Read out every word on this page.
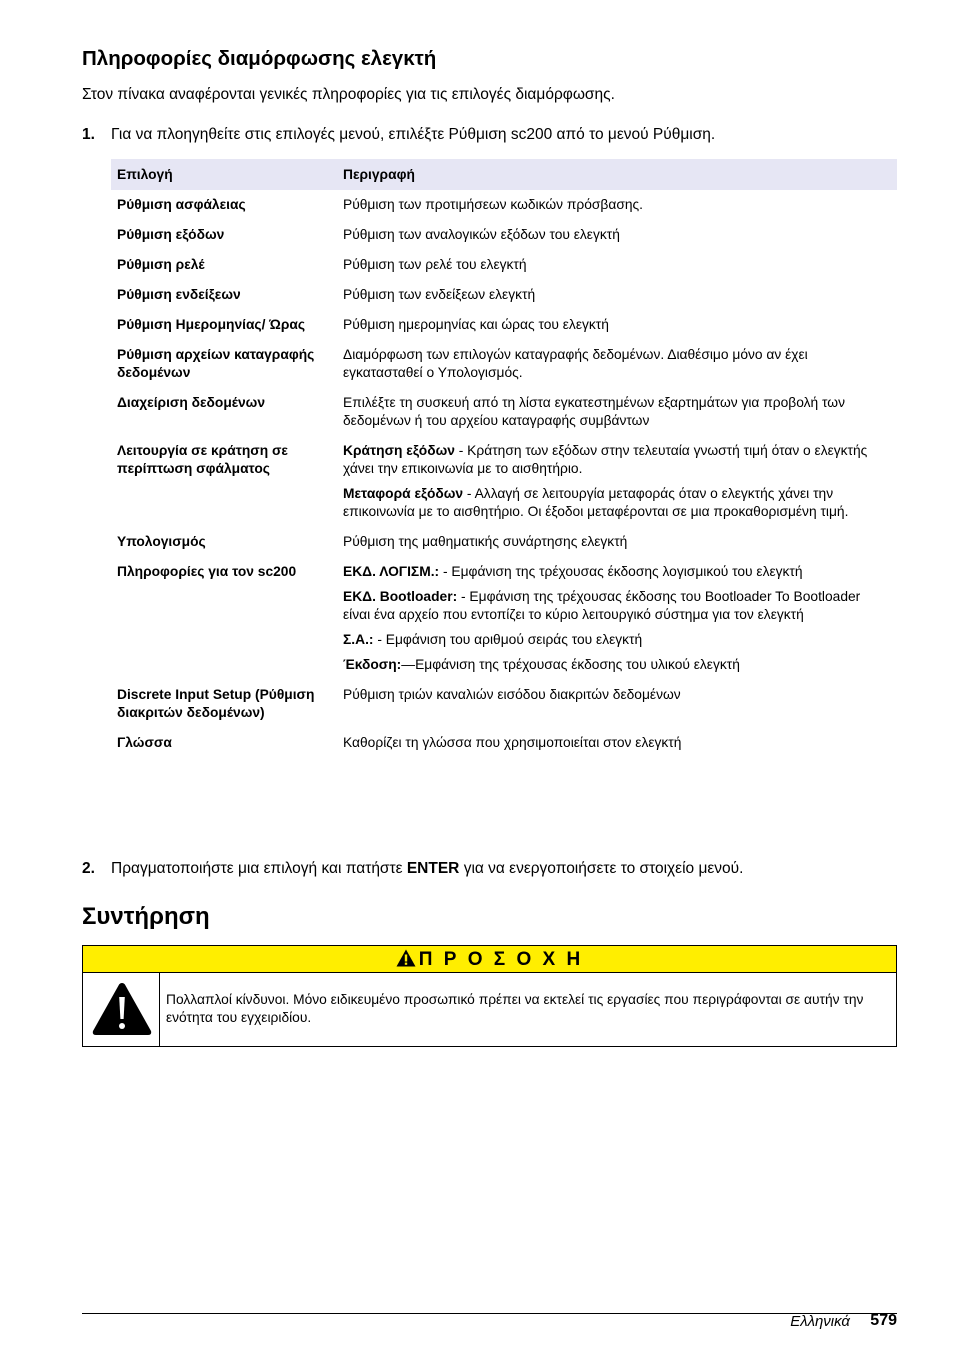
Πληροφορίες διαμόρφωσης ελεγκτή

Στον πίνακα αναφέρονται γενικές πληροφορίες για τις επιλογές διαμόρφωσης.

1. Για να πλοηγηθείτε στις επιλογές μενού, επιλέξτε Ρύθμιση sc200 από το μενού Ρύθμιση.
Επιλογή	Περιγραφή
Ρύθμιση ασφάλειας	Ρύθμιση των προτιμήσεων κωδικών πρόσβασης.

Ρύθμιση εξόδων	Ρύθμιση των αναλογικών εξόδων του ελεγκτή

Ρύθμιση ρελέ	Ρύθμιση των ρελέ του ελεγκτή

Ρύθμιση ενδείξεων	Ρύθμιση των ενδείξεων ελεγκτή

Ρύθμιση Ημερομηνίας/ Ώρας	Ρύθμιση ημερομηνίας και ώρας του ελεγκτή

Ρύθμιση αρχείων καταγραφής δεδομένων	Διαμόρφωση των επιλογών καταγραφής δεδομένων. Διαθέσιμο μόνο αν έχει εγκατασταθεί ο Υπολογισμός.

Διαχείριση δεδομένων	Επιλέξτε τη συσκευή από τη λίστα εγκατεστημένων εξαρτημάτων για προβολή των δεδομένων ή του αρχείου καταγραφής συμβάντων

Λειτουργία σε κράτηση σε περίπτωση σφάλματος	Κράτηση εξόδων - Κράτηση των εξόδων στην τελευταία γνωστή τιμή όταν ο ελεγκτής χάνει την επικοινωνία με το αισθητήριο.

Μεταφορά εξόδων - Αλλαγή σε λειτουργία μεταφοράς όταν ο ελεγκτής χάνει την επικοινωνία με το αισθητήριο. Οι έξοδοι μεταφέρονται σε μια προκαθορισμένη τιμή.

Υπολογισμός	Ρύθμιση της μαθηματικής συνάρτησης ελεγκτή

Πληροφορίες για τον sc200	ΕΚΔ. ΛΟΓΙΣΜ.: - Εμφάνιση της τρέχουσας έκδοσης λογισμικού του ελεγκτή

ΕΚΔ. Bootloader: - Εμφάνιση της τρέχουσας έκδοσης του Bootloader To Bootloader είναι ένα αρχείο που εντοπίζει το κύριο λειτουργικό σύστημα για τον ελεγκτή

Σ.Α.: - Εμφάνιση του αριθμού σειράς του ελεγκτή

Έκδοση:—Εμφάνιση της τρέχουσας έκδοσης του υλικού ελεγκτή

Discrete Input Setup (Ρύθμιση διακριτών δεδομένων)	Ρύθμιση τριών καναλιών εισόδου διακριτών δεδομένων

Γλώσσα	Καθορίζει τη γλώσσα που χρησιμοποιείται στον ελεγκτή

2. Πραγματοποιήστε μια επιλογή και πατήστε ENTER για να ενεργοποιήσετε το στοιχείο μενού.
Συντήρηση
Π Ρ Ο Σ Ο Χ Η
Πολλαπλοί κίνδυνοι. Μόνο ειδικευμένο προσωπικό πρέπει να εκτελεί τις εργασίες που περιγράφονται σε αυτήν την ενότητα του εγχειριδίου.
Ελληνικά 579
